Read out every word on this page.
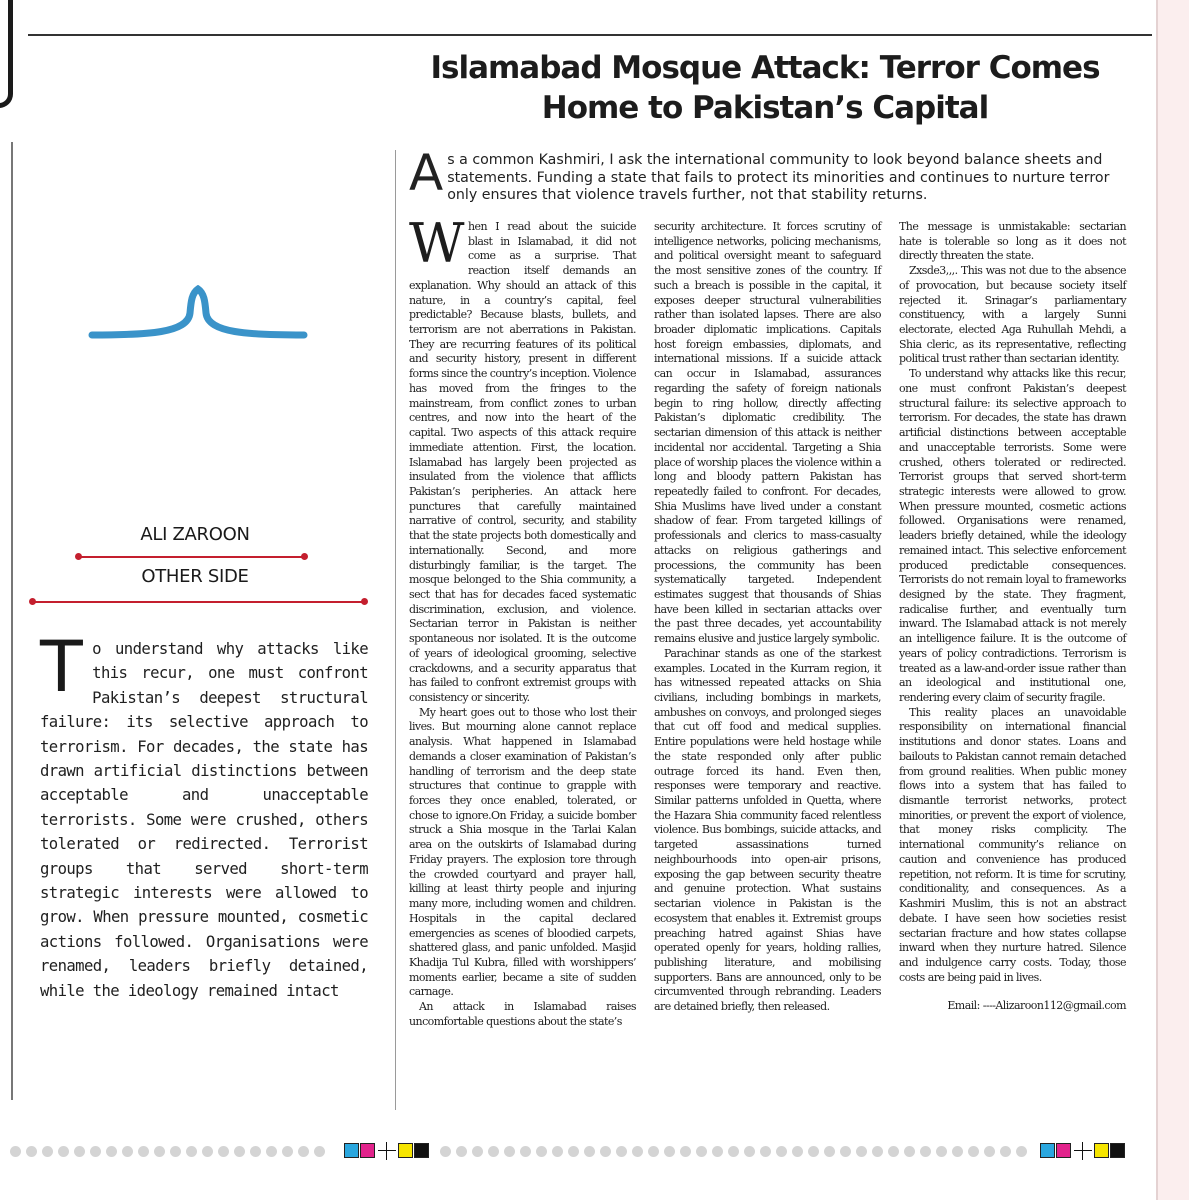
Islamabad Mosque Attack: Terror Comes
Home to Pakistan’s Capital
As a common Kashmiri, I ask the international community to look beyond balance sheets and statements. Funding a state that fails to protect its minorities and continues to nurture terror only ensures that violence travels further, not that stability returns.
ALI ZAROON
OTHER SIDE
To understand why attacks like this recur, one must confront Pakistan’s deepest structural failure: its selective approach to terrorism. For decades, the state has drawn artificial distinctions between acceptable and unacceptable terrorists. Some were crushed, others tolerated or redirected. Terrorist groups that served short-term strategic interests were allowed to grow. When pressure mounted, cosmetic actions followed. Organisations were renamed, leaders briefly detained, while the ideology remained intact

When I read about the suicide blast in Islamabad, it did not come as a surprise. That reaction itself demands an explanation. Why should an attack of this nature, in a country’s capital, feel predictable? Because blasts, bullets, and terrorism are not aberrations in Pakistan. They are recurring features of its political and security history, present in different forms since the country’s inception. Violence has moved from the fringes to the mainstream, from conflict zones to urban centres, and now into the heart of the capital. Two aspects of this attack require immediate attention. First, the location. Islamabad has largely been projected as insulated from the violence that afflicts Pakistan’s peripheries. An attack here punctures that carefully maintained narrative of control, security, and stability that the state projects both domestically and internationally. Second, and more disturbingly familiar, is the target. The mosque belonged to the Shia community, a sect that has for decades faced systematic discrimination, exclusion, and violence. Sectarian terror in Pakistan is neither spontaneous nor isolated. It is the outcome of years of ideological grooming, selective crackdowns, and a security apparatus that has failed to confront extremist groups with consistency or sincerity.

My heart goes out to those who lost their lives. But mourning alone cannot replace analysis. What happened in Islamabad demands a closer examination of Pakistan’s handling of terrorism and the deep state structures that continue to grapple with forces they once enabled, tolerated, or chose to ignore.On Friday, a suicide bomber struck a Shia mosque in the Tarlai Kalan area on the outskirts of Islamabad during Friday prayers. The explosion tore through the crowded courtyard and prayer hall, killing at least thirty people and injuring many more, including women and children. Hospitals in the capital declared emergencies as scenes of bloodied carpets, shattered glass, and panic unfolded. Masjid Khadija Tul Kubra, filled with worshippers’ moments earlier, became a site of sudden carnage.

An attack in Islamabad raises uncomfortable questions about the state’s

security architecture. It forces scrutiny of intelligence networks, policing mechanisms, and political oversight meant to safeguard the most sensitive zones of the country. If such a breach is possible in the capital, it exposes deeper structural vulnerabilities rather than isolated lapses. There are also broader diplomatic implications. Capitals host foreign embassies, diplomats, and international missions. If a suicide attack can occur in Islamabad, assurances regarding the safety of foreign nationals begin to ring hollow, directly affecting Pakistan’s diplomatic credibility. The sectarian dimension of this attack is neither incidental nor accidental. Targeting a Shia place of worship places the violence within a long and bloody pattern Pakistan has repeatedly failed to confront. For decades, Shia Muslims have lived under a constant shadow of fear. From targeted killings of professionals and clerics to mass-casualty attacks on religious gatherings and processions, the community has been systematically targeted. Independent estimates suggest that thousands of Shias have been killed in sectarian attacks over the past three decades, yet accountability remains elusive and justice largely symbolic.

Parachinar stands as one of the starkest examples. Located in the Kurram region, it has witnessed repeated attacks on Shia civilians, including bombings in markets, ambushes on convoys, and prolonged sieges that cut off food and medical supplies. Entire populations were held hostage while the state responded only after public outrage forced its hand. Even then, responses were temporary and reactive. Similar patterns unfolded in Quetta, where the Hazara Shia community faced relentless violence. Bus bombings, suicide attacks, and targeted assassinations turned neighbourhoods into open-air prisons, exposing the gap between security theatre and genuine protection. What sustains sectarian violence in Pakistan is the ecosystem that enables it. Extremist groups preaching hatred against Shias have operated openly for years, holding rallies, publishing literature, and mobilising supporters. Bans are announced, only to be circumvented through rebranding. Leaders are detained briefly, then released.

The message is unmistakable: sectarian hate is tolerable so long as it does not directly threaten the state.

Zxsde3,,,. This was not due to the absence of provocation, but because society itself rejected it. Srinagar’s parliamentary constituency, with a largely Sunni electorate, elected Aga Ruhullah Mehdi, a Shia cleric, as its representative, reflecting political trust rather than sectarian identity.

To understand why attacks like this recur, one must confront Pakistan’s deepest structural failure: its selective approach to terrorism. For decades, the state has drawn artificial distinctions between acceptable and unacceptable terrorists. Some were crushed, others tolerated or redirected. Terrorist groups that served short-term strategic interests were allowed to grow. When pressure mounted, cosmetic actions followed. Organisations were renamed, leaders briefly detained, while the ideology remained intact. This selective enforcement produced predictable consequences. Terrorists do not remain loyal to frameworks designed by the state. They fragment, radicalise further, and eventually turn inward. The Islamabad attack is not merely an intelligence failure. It is the outcome of years of policy contradictions. Terrorism is treated as a law-and-order issue rather than an ideological and institutional one, rendering every claim of security fragile.

This reality places an unavoidable responsibility on international financial institutions and donor states. Loans and bailouts to Pakistan cannot remain detached from ground realities. When public money flows into a system that has failed to dismantle terrorist networks, protect minorities, or prevent the export of violence, that money risks complicity. The international community’s reliance on caution and convenience has produced repetition, not reform. It is time for scrutiny, conditionality, and consequences. As a Kashmiri Muslim, this is not an abstract debate. I have seen how societies resist sectarian fracture and how states collapse inward when they nurture hatred. Silence and indulgence carry costs. Today, those costs are being paid in lives.

Email: ----Alizaroon112@gmail.com
